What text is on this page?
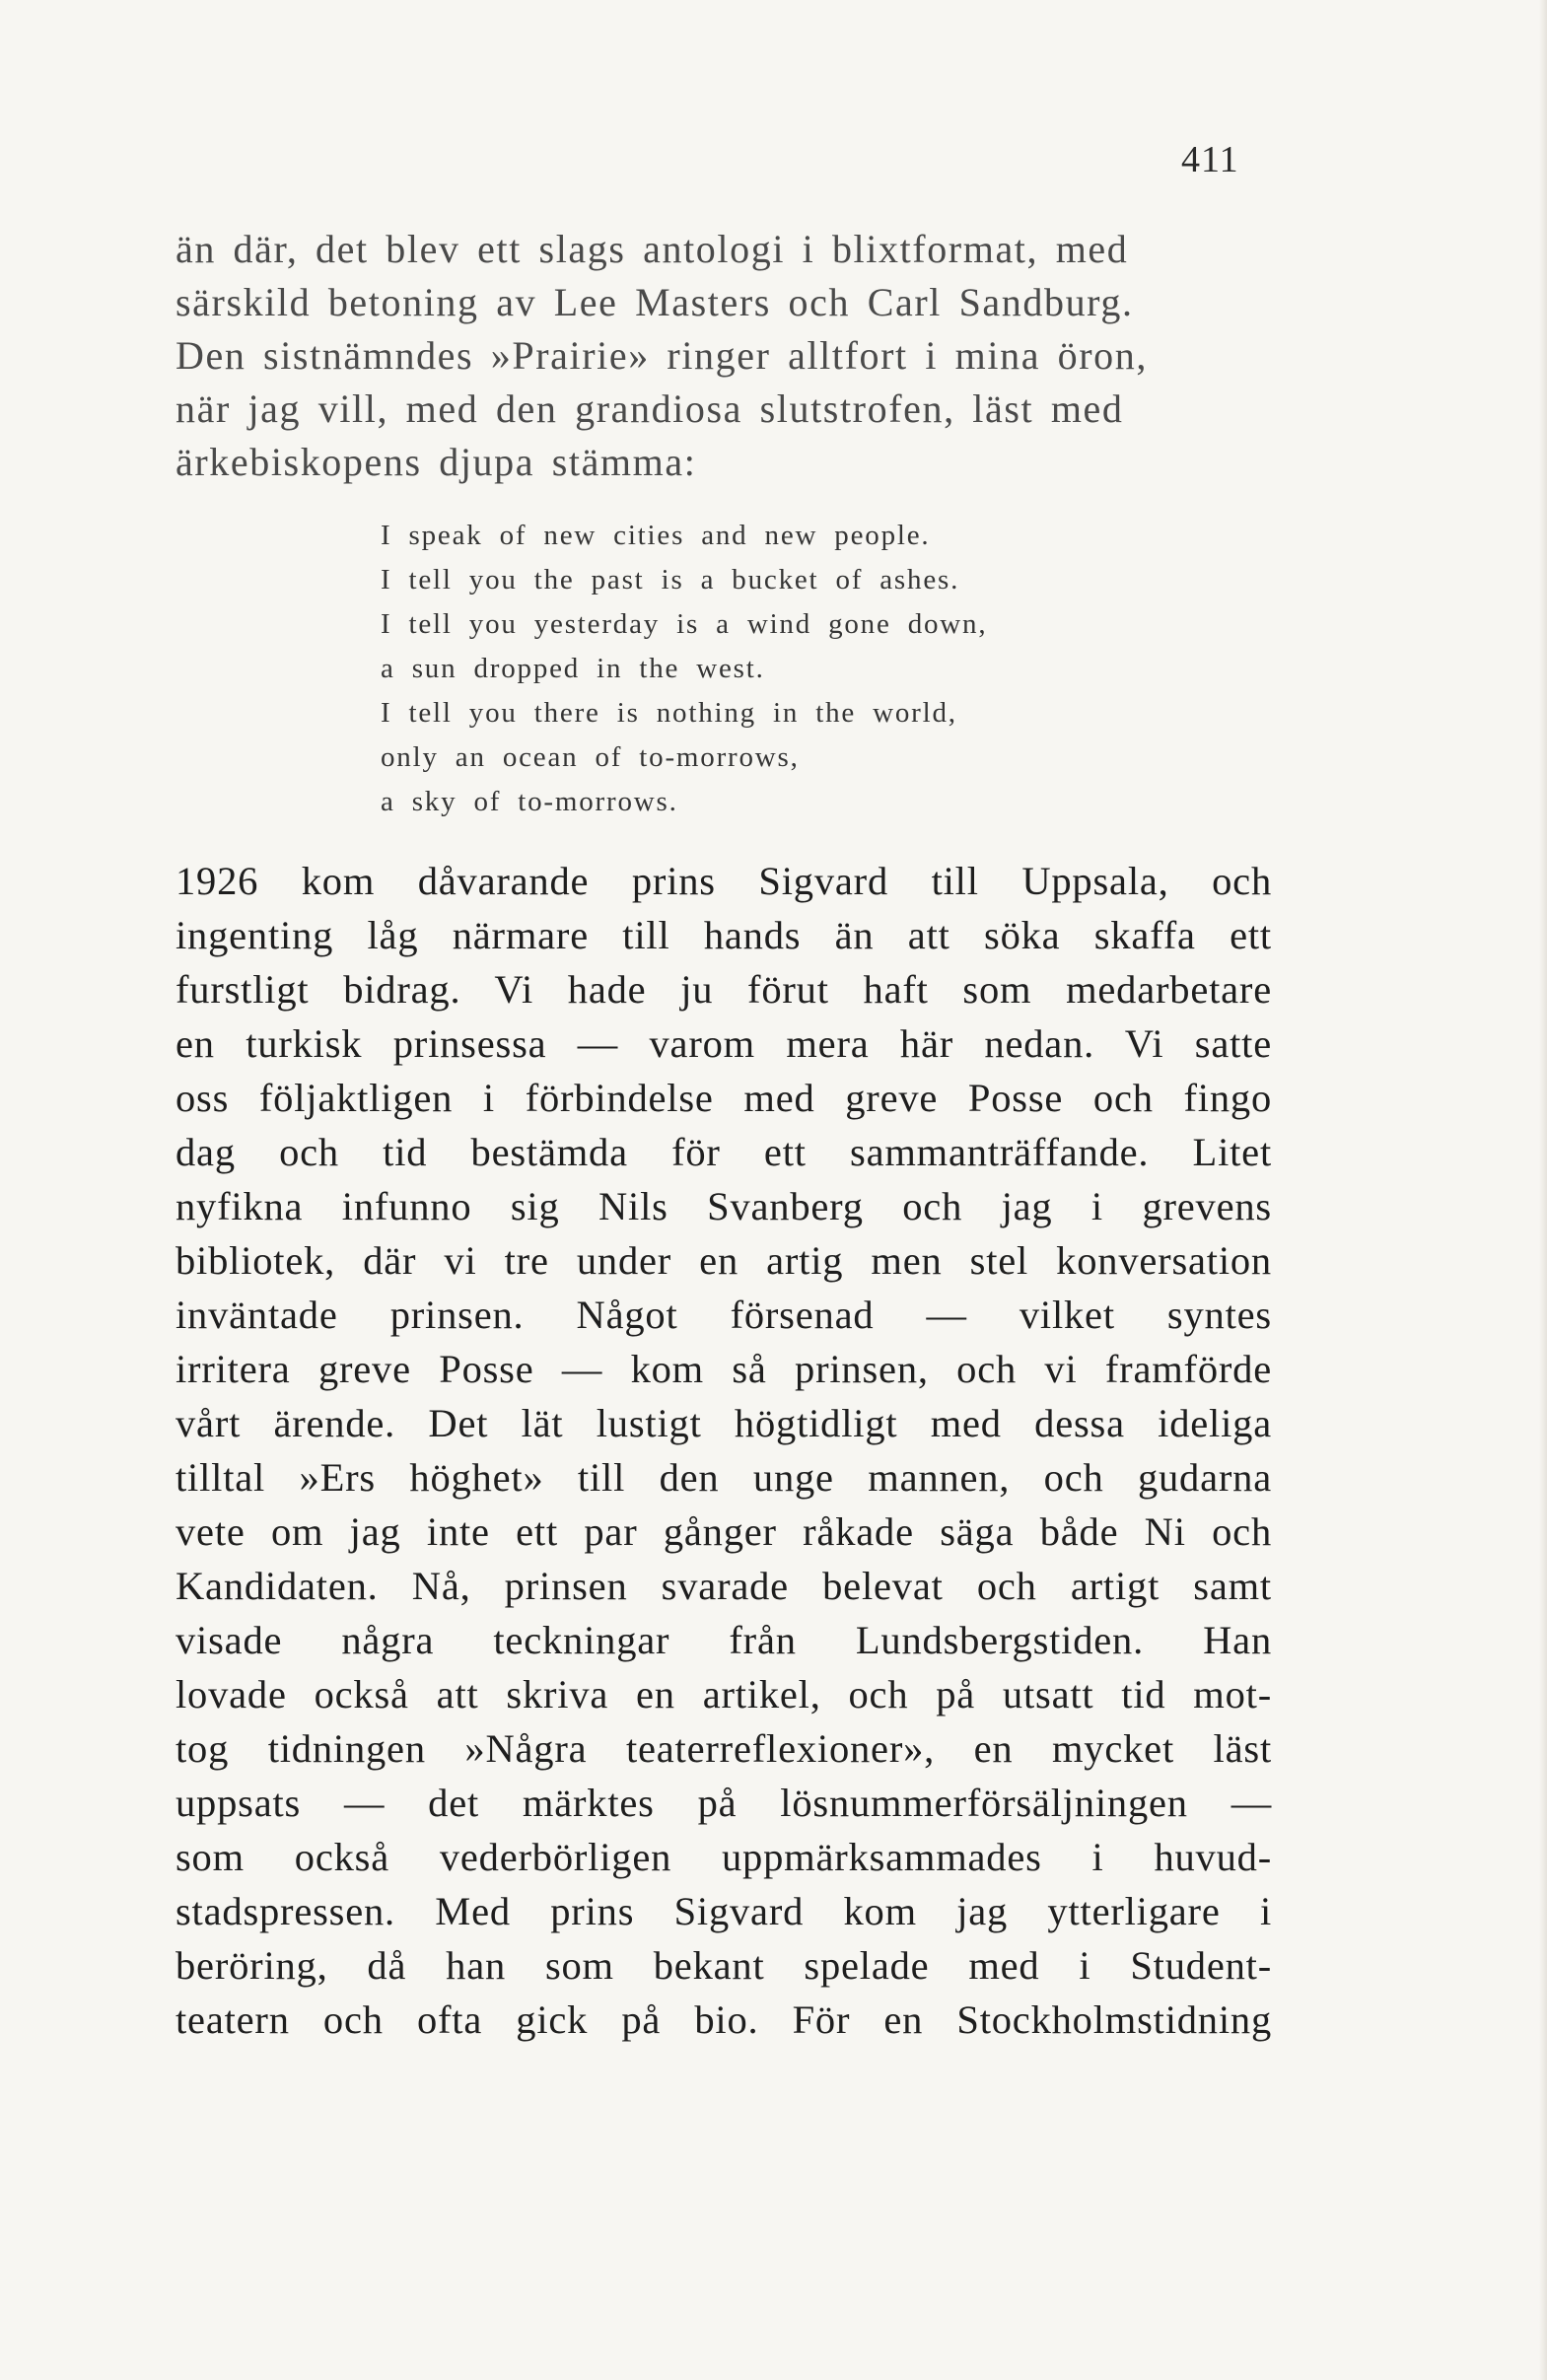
411
än där, det blev ett slags antologi i blixtformat, med
särskild betoning av Lee Masters och Carl Sandburg.
Den sistnämndes »Prairie» ringer alltfort i mina öron,
när jag vill, med den grandiosa slutstrofen, läst med
ärkebiskopens djupa stämma:
I speak of new cities and new people.
I tell you the past is a bucket of ashes.
I tell you yesterday is a wind gone down,
a sun dropped in the west.
I tell you there is nothing in the world,
only an ocean of to-morrows,
a sky of to-morrows.
1926 kom dåvarande prins Sigvard till Uppsala, och
ingenting låg närmare till hands än att söka skaffa ett
furstligt bidrag. Vi hade ju förut haft som medarbetare
en turkisk prinsessa — varom mera här nedan. Vi satte
oss följaktligen i förbindelse med greve Posse och fingo
dag och tid bestämda för ett sammanträffande. Litet
nyfikna infunno sig Nils Svanberg och jag i grevens
bibliotek, där vi tre under en artig men stel konversation
inväntade prinsen. Något försenad — vilket syntes
irritera greve Posse — kom så prinsen, och vi framförde
vårt ärende. Det lät lustigt högtidligt med dessa ideliga
tilltal »Ers höghet» till den unge mannen, och gudarna
vete om jag inte ett par gånger råkade säga både Ni och
Kandidaten. Nå, prinsen svarade belevat och artigt samt
visade några teckningar från Lundsbergstiden. Han
lovade också att skriva en artikel, och på utsatt tid mot-
tog tidningen »Några teaterreflexioner», en mycket läst
uppsats — det märktes på lösnummerförsäljningen —
som också vederbörligen uppmärksammades i huvud-
stadspressen. Med prins Sigvard kom jag ytterligare i
beröring, då han som bekant spelade med i Student-
teatern och ofta gick på bio. För en Stockholmstidning
